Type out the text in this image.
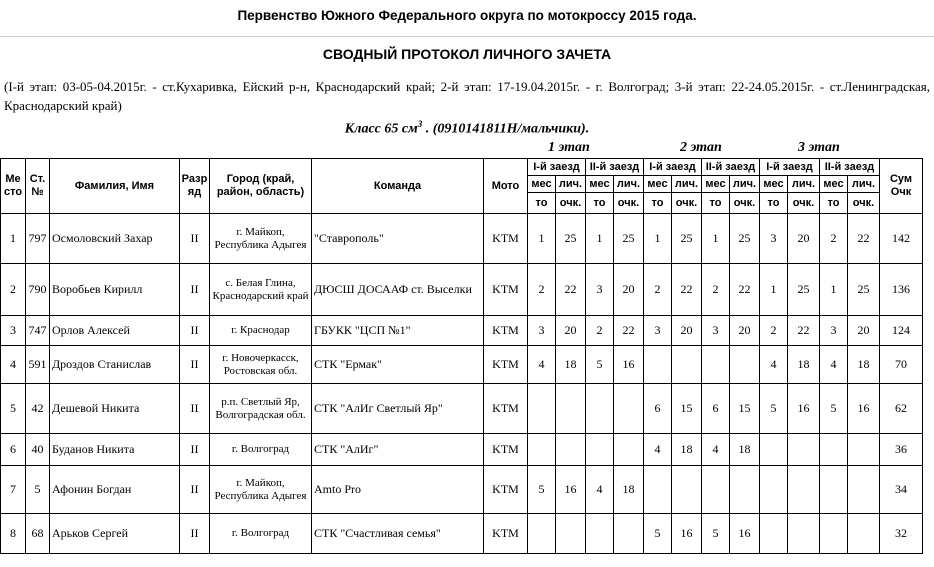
Первенство Южного Федерального округа по мотокроссу 2015 года.
СВОДНЫЙ ПРОТОКОЛ ЛИЧНОГО ЗАЧЕТА
(I-й этап: 03-05-04.2015г. - ст.Кухаривка, Ейский р-н, Краснодарский край; 2-й этап: 17-19.04.2015г. - г. Волгоград; 3-й этап: 22-24.05.2015г. - ст.Ленинградская, Краснодарский край)
Класс 65 $см^3$ . (0910141811Н/мальчики).
1 этап	2 этап	3 этап
Ме сто	Ст. №	Фамилия, Имя	Разр яд	Город (край, район, область)	Команда	Мото	I-й заезд		II-й заезд		I-й заезд		II-й заезд		I-й заезд		II-й заезд		Сум Очк
							мес	лич.	мес	лич.	мес	лич.	мес	лич.	мес	лич.	мес	лич.	
							то	очк.	то	очк.	то	очк.	то	очк.	то	очк.	то	очк.	
1	797	Осмоловский Захар	II	г. Майкоп, Республика Адыгея	"Ставрополь"	KTM	1	25	1	25	1	25	1	25	3	20	2	22	142
2	790	Воробьев Кирилл	II	с. Белая Глина, Краснодарский край	ДЮСШ ДОСААФ ст. Выселки	KTM	2	22	3	20	2	22	2	22	1	25	1	25	136
3	747	Орлов Алексей	II	г. Краснодар	ГБУКК "ЦСП №1"	KTM	3	20	2	22	3	20	3	20	2	22	3	20	124
4	591	Дроздов Станислав	II	г. Новочеркасск, Ростовская обл.	СТК "Ермак"	KTM	4	18	5	16					4	18	4	18	70
5	42	Дешевой Никита	II	р.п. Светлый Яр, Волгоградская обл.	СТК "АлИг Светлый Яр"	KTM					6	15	6	15	5	16	5	16	62
6	40	Буданов Никита	II	г. Волгоград	СТК "АлИг"	KTM					4	18	4	18					36
7	5	Афонин Богдан	II	г. Майкоп, Республика Адыгея	Amto Pro	KTM	5	16	4	18									34
8	68	Арьков Сергей	II	г. Волгоград	СТК "Счастливая семья"	KTM					5	16	5	16					32
